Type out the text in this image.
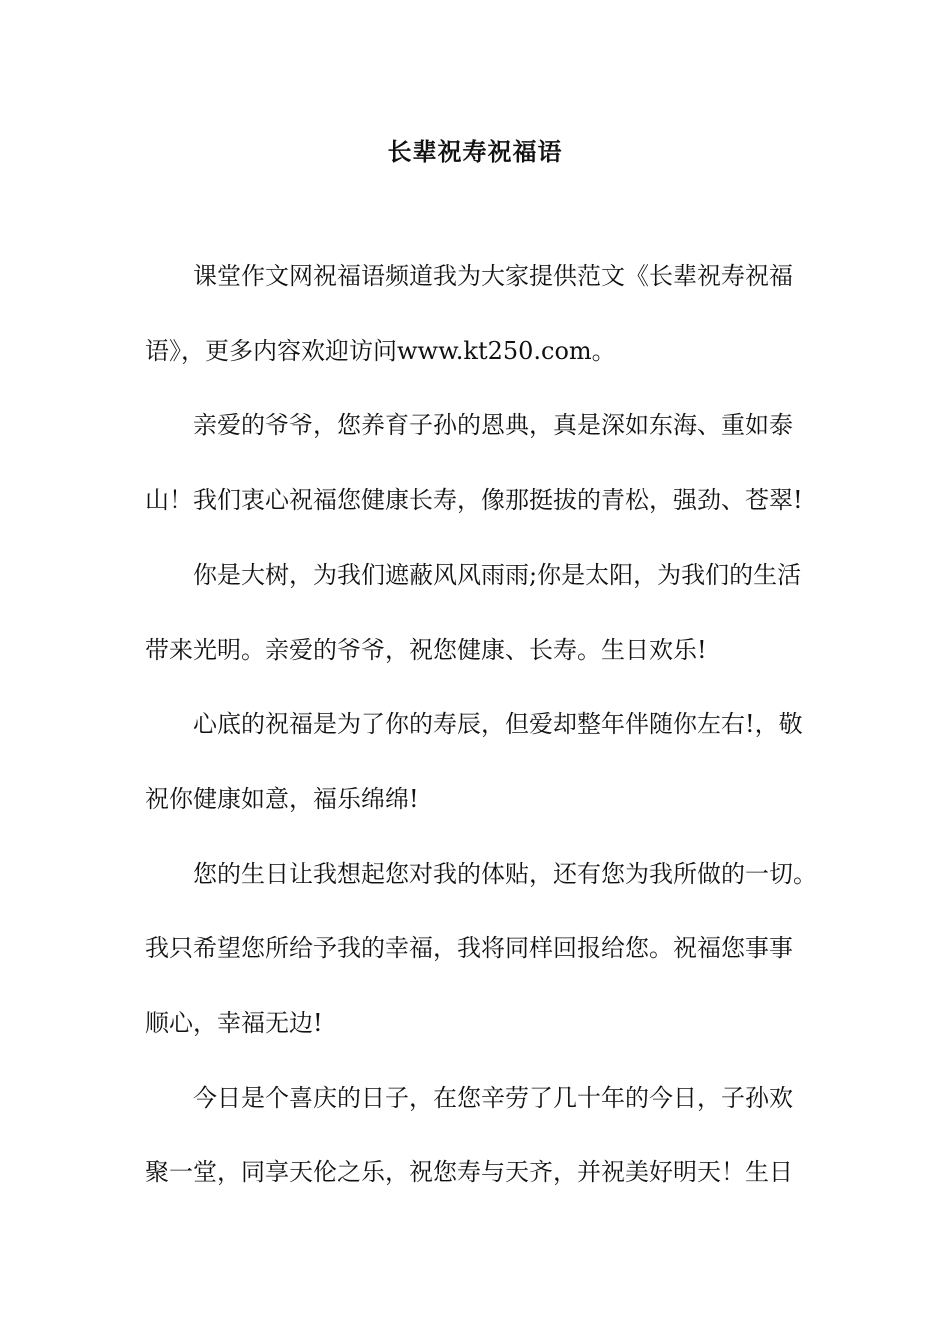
长辈祝寿祝福语
课堂作文网祝福语频道我为大家提供范文《长辈祝寿祝福
语》，更多内容欢迎访问www.kt250.com。
亲爱的爷爷，您养育子孙的恩典，真是深如东海、重如泰
山！我们衷心祝福您健康长寿，像那挺拔的青松，强劲、苍翠!
你是大树，为我们遮蔽风风雨雨;你是太阳，为我们的生活
带来光明。亲爱的爷爷，祝您健康、长寿。生日欢乐!
心底的祝福是为了你的寿辰，但爱却整年伴随你左右!，敬
祝你健康如意，福乐绵绵!
您的生日让我想起您对我的体贴，还有您为我所做的一切。
我只希望您所给予我的幸福，我将同样回报给您。祝福您事事
顺心，幸福无边!
今日是个喜庆的日子，在您辛劳了几十年的今日，子孙欢
聚一堂，同享天伦之乐，祝您寿与天齐，并祝美好明天！生日
